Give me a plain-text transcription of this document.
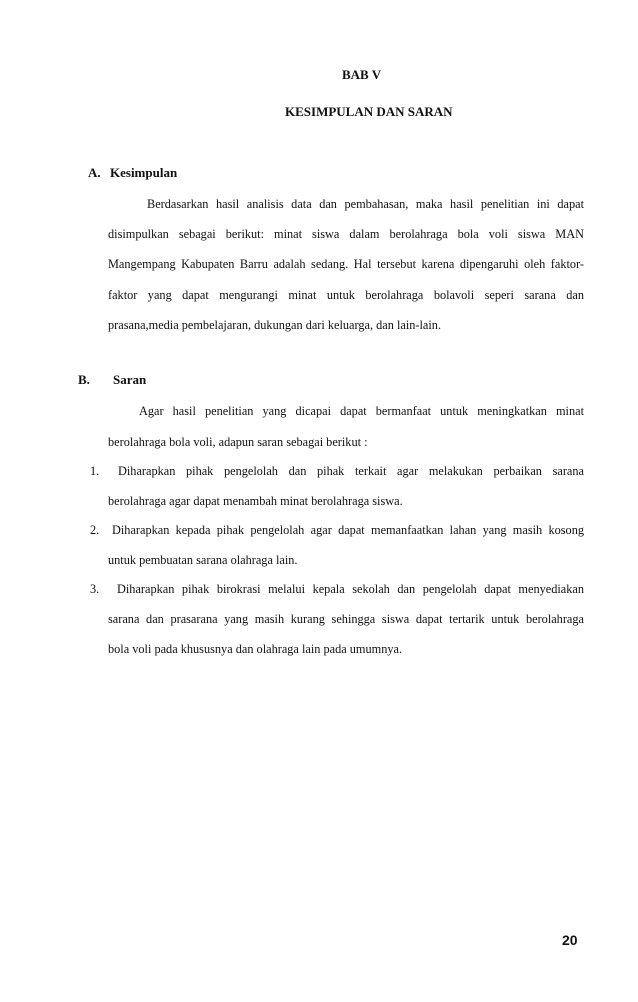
BAB V
KESIMPULAN DAN SARAN
A. Kesimpulan
Berdasarkan hasil analisis data dan pembahasan, maka hasil penelitian ini dapat
disimpulkan sebagai berikut: minat siswa dalam berolahraga bola voli siswa MAN
Mangempang Kabupaten Barru adalah sedang. Hal tersebut karena dipengaruhi oleh faktor-
faktor yang dapat mengurangi minat untuk berolahraga bolavoli seperi sarana dan
prasana,media pembelajaran, dukungan dari keluarga, dan lain-lain.
B. Saran
Agar hasil penelitian yang dicapai dapat bermanfaat untuk meningkatkan minat
berolahraga bola voli, adapun saran sebagai berikut :
1. Diharapkan pihak pengelolah dan pihak terkait agar melakukan perbaikan sarana
berolahraga agar dapat menambah minat berolahraga siswa.
2. Diharapkan kepada pihak pengelolah agar dapat memanfaatkan lahan yang masih kosong
untuk pembuatan sarana olahraga lain.
3. Diharapkan pihak birokrasi melalui kepala sekolah dan pengelolah dapat menyediakan
sarana dan prasarana yang masih kurang sehingga siswa dapat tertarik untuk berolahraga
bola voli pada khususnya dan olahraga lain pada umumnya.
20
